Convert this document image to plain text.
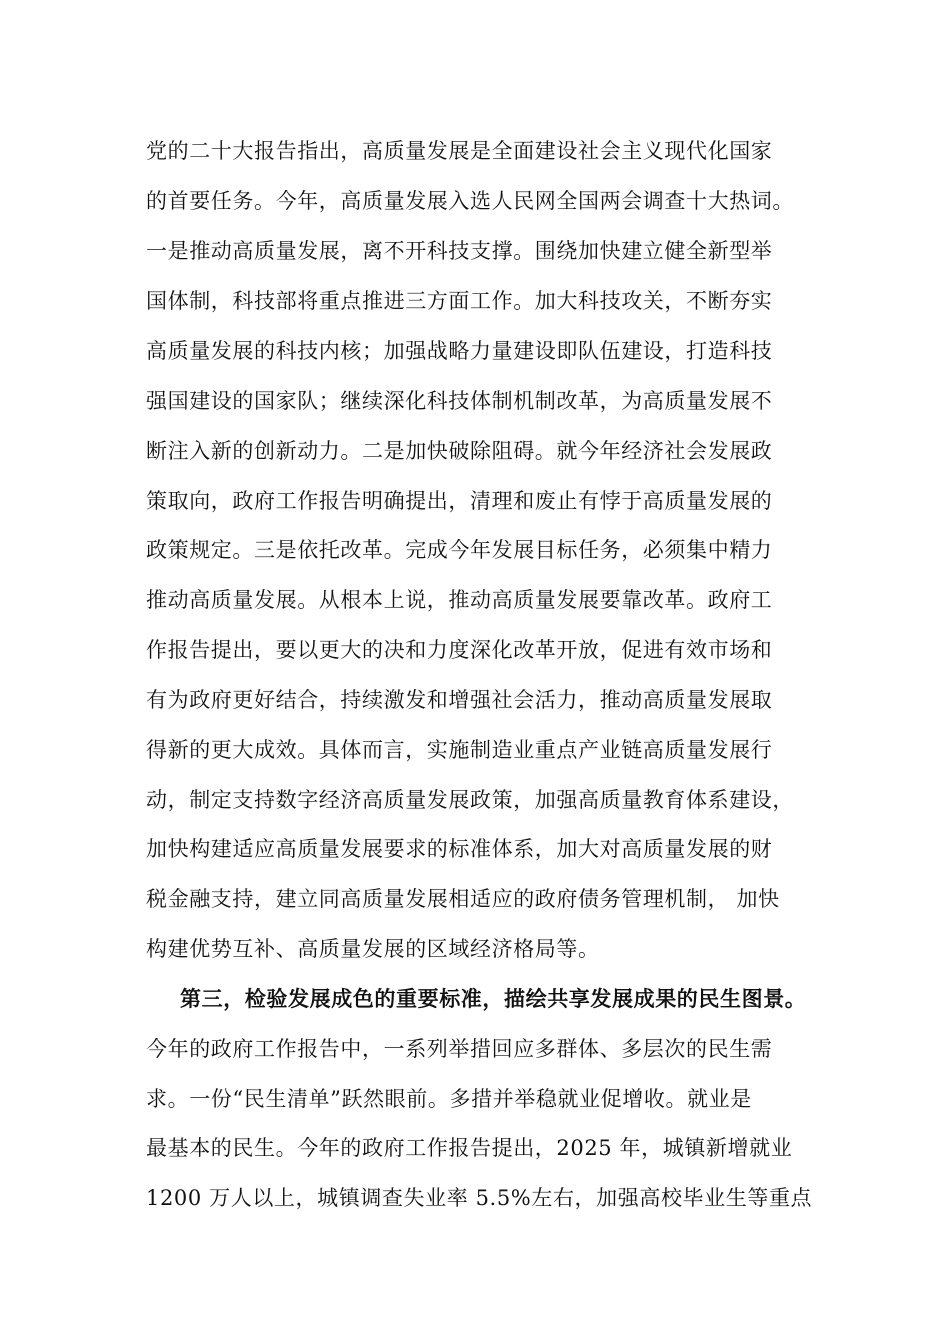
党的二十大报告指出，高质量发展是全面建设社会主义现代化国家
的首要任务。今年，高质量发展入选人民网全国两会调查十大热词。
一是推动高质量发展，离不开科技支撑。围绕加快建立健全新型举
国体制，科技部将重点推进三方面工作。加大科技攻关，不断夯实
高质量发展的科技内核；加强战略力量建设即队伍建设，打造科技
强国建设的国家队；继续深化科技体制机制改革，为高质量发展不
断注入新的创新动力。二是加快破除阻碍。就今年经济社会发展政
策取向，政府工作报告明确提出，清理和废止有悖于高质量发展的
政策规定。三是依托改革。完成今年发展目标任务，必须集中精力
推动高质量发展。从根本上说，推动高质量发展要靠改革。政府工
作报告提出，要以更大的决和力度深化改革开放，促进有效市场和
有为政府更好结合，持续激发和增强社会活力，推动高质量发展取
得新的更大成效。具体而言，实施制造业重点产业链高质量发展行
动，制定支持数字经济高质量发展政策，加强高质量教育体系建设，
加快构建适应高质量发展要求的标准体系，加大对高质量发展的财
税金融支持，建立同高质量发展相适应的政府债务管理机制， 加快
构建优势互补、高质量发展的区域经济格局等。
第三，检验发展成色的重要标准，描绘共享发展成果的民生图景。
今年的政府工作报告中，一系列举措回应多群体、多层次的民生需
求。一份“民生清单”跃然眼前。多措并举稳就业促增收。就业是
最基本的民生。今年的政府工作报告提出，2025 年，城镇新增就业
1200 万人以上，城镇调查失业率 5.5%左右，加强高校毕业生等重点
